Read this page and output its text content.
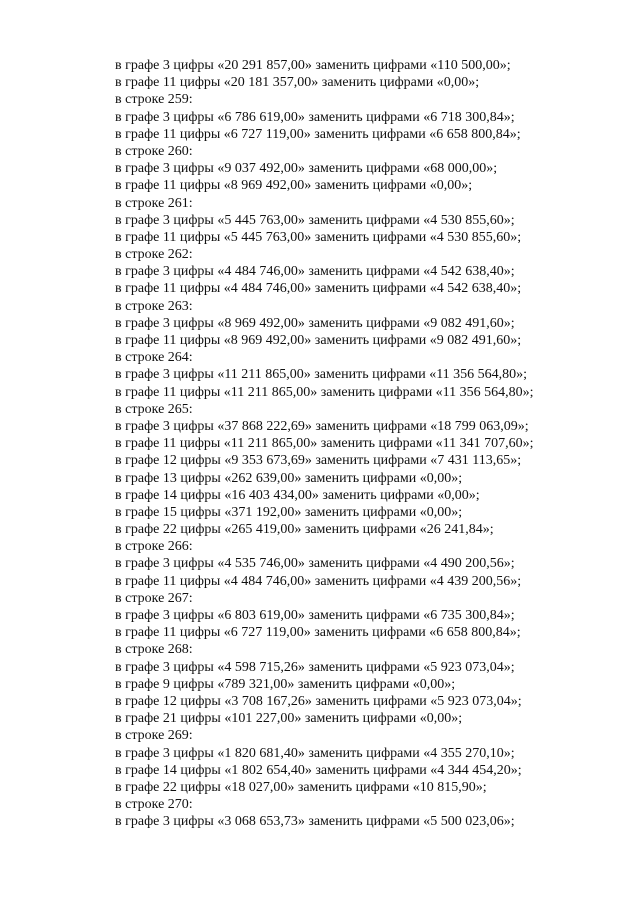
в графе 3 цифры «20 291 857,00» заменить цифрами «110 500,00»;
в графе 11 цифры «20 181 357,00» заменить цифрами «0,00»;
в строке 259:
в графе 3 цифры «6 786 619,00» заменить цифрами «6 718 300,84»;
в графе 11 цифры «6 727 119,00» заменить цифрами «6 658 800,84»;
в строке 260:
в графе 3 цифры «9 037 492,00» заменить цифрами «68 000,00»;
в графе 11 цифры «8 969 492,00» заменить цифрами «0,00»;
в строке 261:
в графе 3 цифры «5 445 763,00» заменить цифрами «4 530 855,60»;
в графе 11 цифры «5 445 763,00» заменить цифрами «4 530 855,60»;
в строке 262:
в графе 3 цифры «4 484 746,00» заменить цифрами «4 542 638,40»;
в графе 11 цифры «4 484 746,00» заменить цифрами «4 542 638,40»;
в строке 263:
в графе 3 цифры «8 969 492,00» заменить цифрами «9 082 491,60»;
в графе 11 цифры «8 969 492,00» заменить цифрами «9 082 491,60»;
в строке 264:
в графе 3 цифры «11 211 865,00» заменить цифрами «11 356 564,80»;
в графе 11 цифры «11 211 865,00» заменить цифрами «11 356 564,80»;
в строке 265:
в графе 3 цифры «37 868 222,69» заменить цифрами «18 799 063,09»;
в графе 11 цифры «11 211 865,00» заменить цифрами «11 341 707,60»;
в графе 12 цифры «9 353 673,69» заменить цифрами «7 431 113,65»;
в графе 13 цифры «262 639,00» заменить цифрами «0,00»;
в графе 14 цифры «16 403 434,00» заменить цифрами «0,00»;
в графе 15 цифры «371 192,00» заменить цифрами «0,00»;
в графе 22 цифры «265 419,00» заменить цифрами «26 241,84»;
в строке 266:
в графе 3 цифры «4 535 746,00» заменить цифрами «4 490 200,56»;
в графе 11 цифры «4 484 746,00» заменить цифрами «4 439 200,56»;
в строке 267:
в графе 3 цифры «6 803 619,00» заменить цифрами «6 735 300,84»;
в графе 11 цифры «6 727 119,00» заменить цифрами «6 658 800,84»;
в строке 268:
в графе 3 цифры «4 598 715,26» заменить цифрами «5 923 073,04»;
в графе 9 цифры «789 321,00» заменить цифрами «0,00»;
в графе 12 цифры «3 708 167,26» заменить цифрами «5 923 073,04»;
в графе 21 цифры «101 227,00» заменить цифрами «0,00»;
в строке 269:
в графе 3 цифры «1 820 681,40» заменить цифрами «4 355 270,10»;
в графе 14 цифры «1 802 654,40» заменить цифрами «4 344 454,20»;
в графе 22 цифры «18 027,00» заменить цифрами «10 815,90»;
в строке 270:
в графе 3 цифры «3 068 653,73» заменить цифрами «5 500 023,06»;
